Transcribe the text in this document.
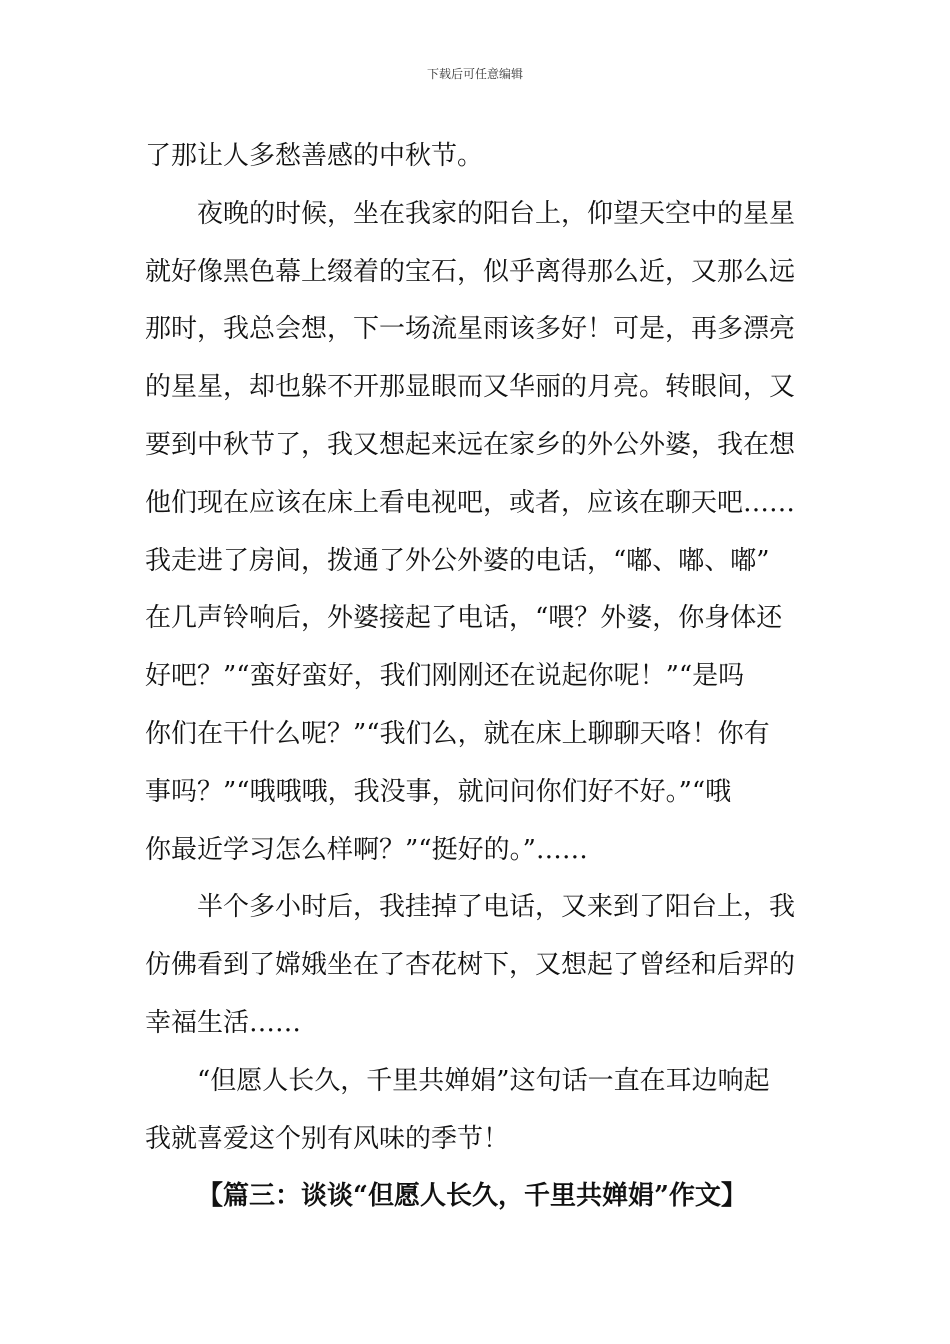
下载后可任意编辑
了那让人多愁善感的中秋节。
夜晚的时候，坐在我家的阳台上，仰望天空中的星星
就好像黑色幕上缀着的宝石，似乎离得那么近，又那么远
那时，我总会想，下一场流星雨该多好！可是，再多漂亮
的星星，却也躲不开那显眼而又华丽的月亮。转眼间，又
要到中秋节了，我又想起来远在家乡的外公外婆，我在想
他们现在应该在床上看电视吧，或者，应该在聊天吧……
我走进了房间，拨通了外公外婆的电话，“嘟、嘟、嘟”
在几声铃响后，外婆接起了电话，“喂？外婆，你身体还
好吧？”“蛮好蛮好，我们刚刚还在说起你呢！”“是吗
你们在干什么呢？”“我们么，就在床上聊聊天咯！你有
事吗？”“哦哦哦，我没事，就问问你们好不好。”“哦
你最近学习怎么样啊？”“挺好的。”……
半个多小时后，我挂掉了电话，又来到了阳台上，我
仿佛看到了嫦娥坐在了杏花树下，又想起了曾经和后羿的
幸福生活……
“但愿人长久，千里共婵娟”这句话一直在耳边响起
我就喜爱这个别有风味的季节！
【篇三：谈谈“但愿人长久，千里共婵娟”作文】
